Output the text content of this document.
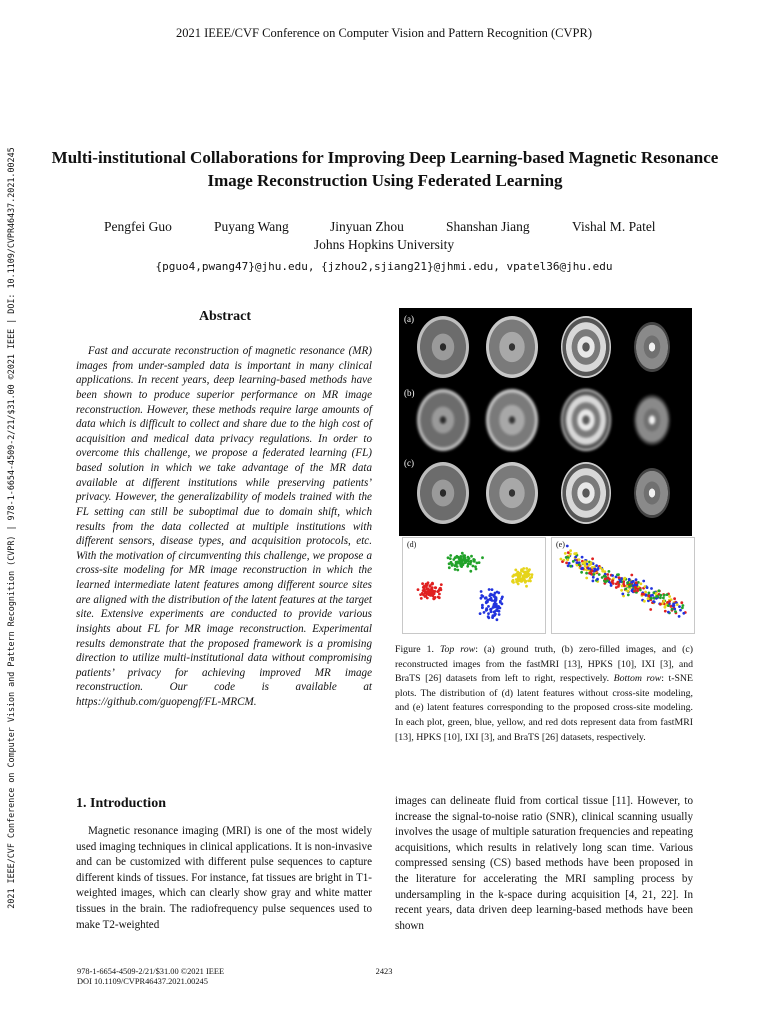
2021 IEEE/CVF Conference on Computer Vision and Pattern Recognition (CVPR)
2021 IEEE/CVF Conference on Computer Vision and Pattern Recognition (CVPR) | 978-1-6654-4509-2/21/$31.00 ©2021 IEEE | DOI: 10.1109/CVPR46437.2021.00245	Multi-institutional Collaborations for Improving Deep Learning-based Magnetic Resonance Image Reconstruction Using Federated Learning
Pengfei Guo	Puyang Wang	Jinyuan Zhou	Shanshan Jiang	Vishal M. Patel
Johns Hopkins University
{pguo4,pwang47}@jhu.edu, {jzhou2,sjiang21}@jhmi.edu, vpatel36@jhu.edu
Abstract

Fast and accurate reconstruction of magnetic resonance (MR) images from under-sampled data is important in many clinical applications. In recent years, deep learning-based methods have been shown to produce superior performance on MR image reconstruction. However, these methods require large amounts of data which is difficult to collect and share due to the high cost of acquisition and medical data privacy regulations. In order to overcome this challenge, we propose a federated learning (FL) based solution in which we take advantage of the MR data available at different institutions while preserving patients’ privacy. However, the generalizability of models trained with the FL setting can still be suboptimal due to domain shift, which results from the data collected at multiple institutions with different sensors, disease types, and acquisition protocols, etc. With the motivation of circumventing this challenge, we propose a cross-site modeling for MR image reconstruction in which the learned intermediate latent features among different source sites are aligned with the distribution of the latent features at the target site. Extensive experiments are conducted to provide various insights about FL for MR image reconstruction. Experimental results demonstrate that the proposed framework is a promising direction to utilize multi-institutional data without compromising patients’ privacy for achieving improved MR image reconstruction. Our code is available at https://github.com/guopengf/FL-MRCM.

(a)
(b)
(c)
(d)	(e)

Figure 1. Top row: (a) ground truth, (b) zero-filled images, and (c) reconstructed images from the fastMRI [13], HPKS [10], IXI [3], and BraTS [26] datasets from left to right, respectively. Bottom row: t-SNE plots. The distribution of (d) latent features without cross-site modeling, and (e) latent features corresponding to the proposed cross-site modeling. In each plot, green, blue, yellow, and red dots represent data from fastMRI [13], HPKS [10], IXI [3], and BraTS [26] datasets, respectively.

1. Introduction

Magnetic resonance imaging (MRI) is one of the most widely used imaging techniques in clinical applications. It is non-invasive and can be customized with different pulse sequences to capture different kinds of tissues. For instance, fat tissues are bright in T1-weighted images, which can clearly show gray and white matter tissues in the brain. The radiofrequency pulse sequences used to make T2-weighted

images can delineate fluid from cortical tissue [11]. However, to increase the signal-to-noise ratio (SNR), clinical scanning usually involves the usage of multiple saturation frequencies and repeating acquisitions, which results in relatively long scan time. Various compressed sensing (CS) based methods have been proposed in the literature for accelerating the MRI sampling process by undersampling in the k-space during acquisition [4, 21, 22]. In recent years, data driven deep learning-based methods have been shown

978-1-6654-4509-2/21/$31.00 ©2021 IEEE
DOI 10.1109/CVPR46437.2021.00245
2423
